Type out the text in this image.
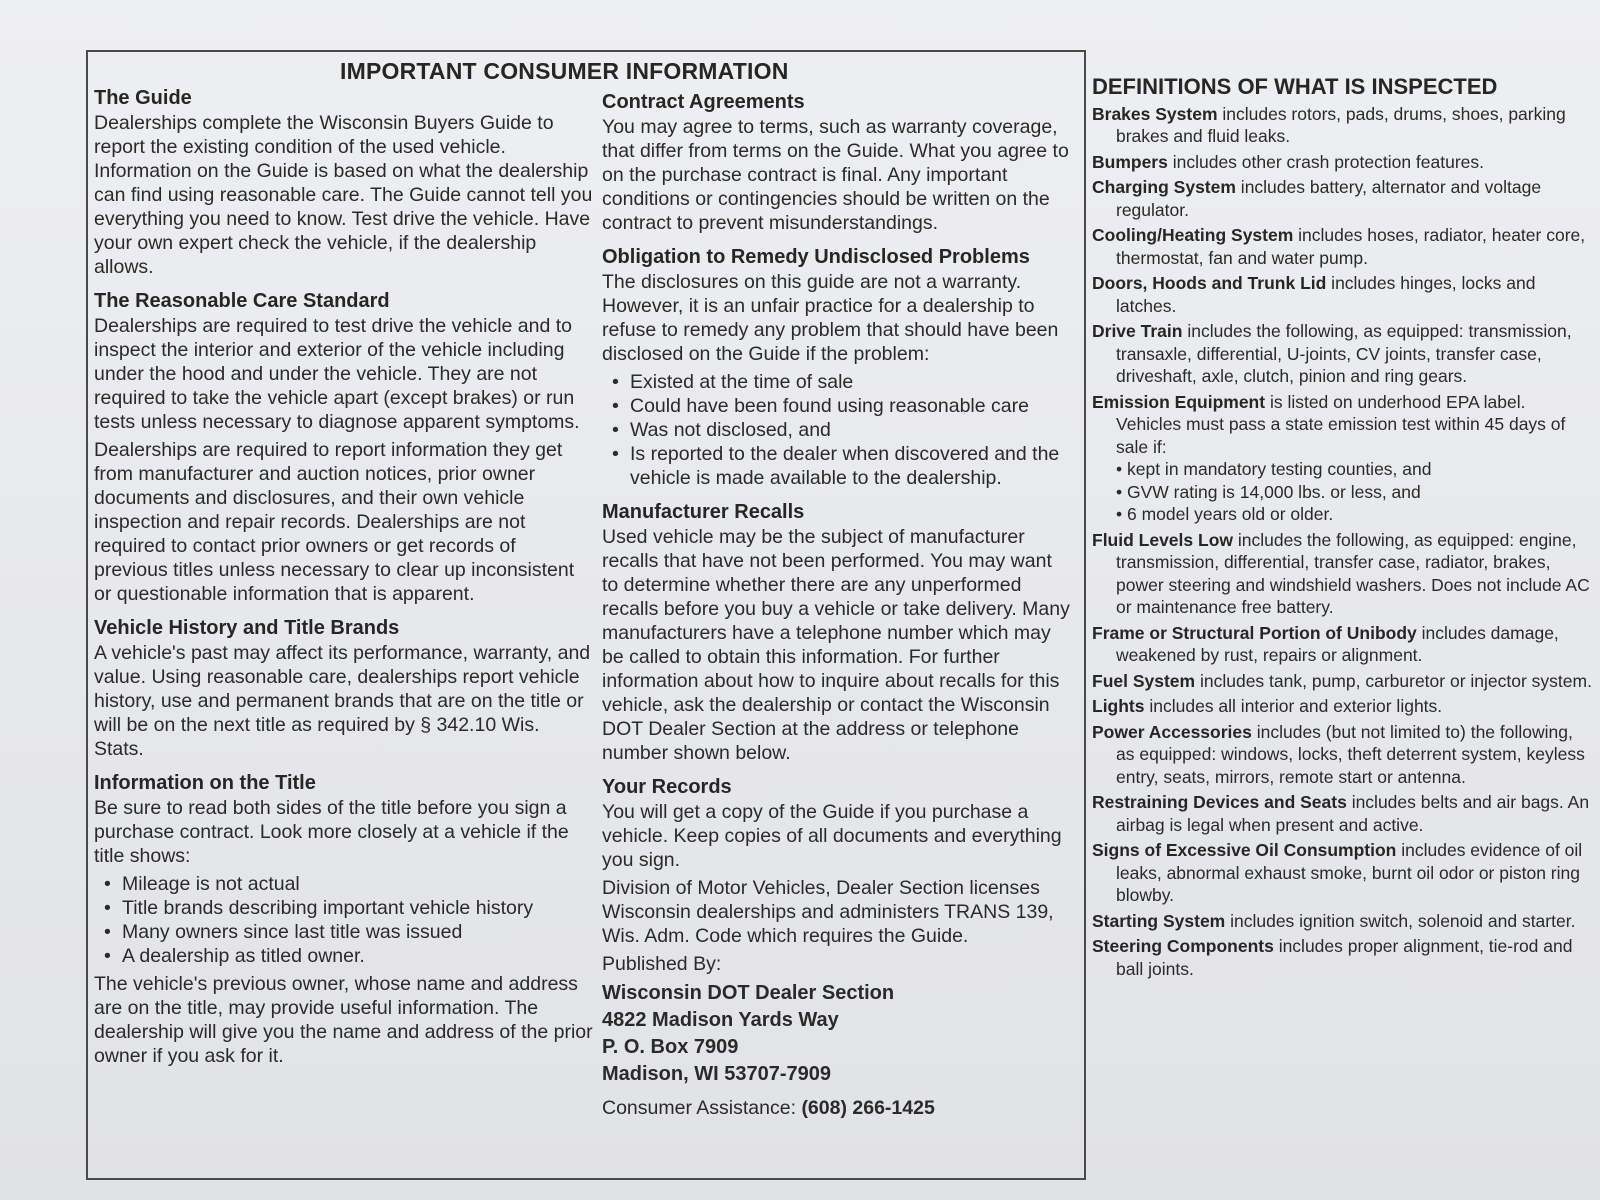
IMPORTANT CONSUMER INFORMATION
The Guide

Dealerships complete the Wisconsin Buyers Guide to report the existing condition of the used vehicle. Information on the Guide is based on what the dealership can find using reasonable care. The Guide cannot tell you everything you need to know. Test drive the vehicle. Have your own expert check the vehicle, if the dealership allows.

The Reasonable Care Standard

Dealerships are required to test drive the vehicle and to inspect the interior and exterior of the vehicle including under the hood and under the vehicle. They are not required to take the vehicle apart (except brakes) or run tests unless necessary to diagnose apparent symptoms.

Dealerships are required to report information they get from manufacturer and auction notices, prior owner documents and disclosures, and their own vehicle inspection and repair records. Dealerships are not required to contact prior owners or get records of previous titles unless necessary to clear up inconsistent or questionable information that is apparent.

Vehicle History and Title Brands

A vehicle's past may affect its performance, warranty, and value. Using reasonable care, dealerships report vehicle history, use and permanent brands that are on the title or will be on the next title as required by § 342.10 Wis. Stats.

Information on the Title

Be sure to read both sides of the title before you sign a purchase contract. Look more closely at a vehicle if the title shows:

• Mileage is not actual
• Title brands describing important vehicle history
• Many owners since last title was issued
• A dealership as titled owner.

The vehicle's previous owner, whose name and address are on the title, may provide useful information. The dealership will give you the name and address of the prior owner if you ask for it.

Contract Agreements

You may agree to terms, such as warranty coverage, that differ from terms on the Guide. What you agree to on the purchase contract is final. Any important conditions or contingencies should be written on the contract to prevent misunderstandings.

Obligation to Remedy Undisclosed Problems

The disclosures on this guide are not a warranty. However, it is an unfair practice for a dealership to refuse to remedy any problem that should have been disclosed on the Guide if the problem:

• Existed at the time of sale
• Could have been found using reasonable care
• Was not disclosed, and
• Is reported to the dealer when discovered and the vehicle is made available to the dealership.
Manufacturer Recalls

Used vehicle may be the subject of manufacturer recalls that have not been performed. You may want to determine whether there are any unperformed recalls before you buy a vehicle or take delivery. Many manufacturers have a telephone number which may be called to obtain this information. For further information about how to inquire about recalls for this vehicle, ask the dealership or contact the Wisconsin DOT Dealer Section at the address or telephone number shown below.

Your Records

You will get a copy of the Guide if you purchase a vehicle. Keep copies of all documents and everything you sign.

Division of Motor Vehicles, Dealer Section licenses Wisconsin dealerships and administers TRANS 139, Wis. Adm. Code which requires the Guide.

Published By:

Wisconsin DOT Dealer Section
4822 Madison Yards Way
P. O. Box 7909
Madison, WI 53707-7909
Consumer Assistance: (608) 266-1425
DEFINITIONS OF WHAT IS INSPECTED
Brakes System includes rotors, pads, drums, shoes, parking brakes and fluid leaks.
Bumpers includes other crash protection features.
Charging System includes battery, alternator and voltage regulator.
Cooling/Heating System includes hoses, radiator, heater core, thermostat, fan and water pump.
Doors, Hoods and Trunk Lid includes hinges, locks and latches.
Drive Train includes the following, as equipped: transmission, transaxle, differential, U-joints, CV joints, transfer case, driveshaft, axle, clutch, pinion and ring gears.
Emission Equipment is listed on underhood EPA label. Vehicles must pass a state emission test within 45 days of sale if:
• kept in mandatory testing counties, and
• GVW rating is 14,000 lbs. or less, and
• 6 model years old or older.
Fluid Levels Low includes the following, as equipped: engine, transmission, differential, transfer case, radiator, brakes, power steering and windshield washers. Does not include AC or maintenance free battery.
Frame or Structural Portion of Unibody includes damage, weakened by rust, repairs or alignment.
Fuel System includes tank, pump, carburetor or injector system.
Lights includes all interior and exterior lights.
Power Accessories includes (but not limited to) the following, as equipped: windows, locks, theft deterrent system, keyless entry, seats, mirrors, remote start or antenna.
Restraining Devices and Seats includes belts and air bags. An airbag is legal when present and active.
Signs of Excessive Oil Consumption includes evidence of oil leaks, abnormal exhaust smoke, burnt oil odor or piston ring blowby.
Starting System includes ignition switch, solenoid and starter.
Steering Components includes proper alignment, tie-rod and ball joints.
